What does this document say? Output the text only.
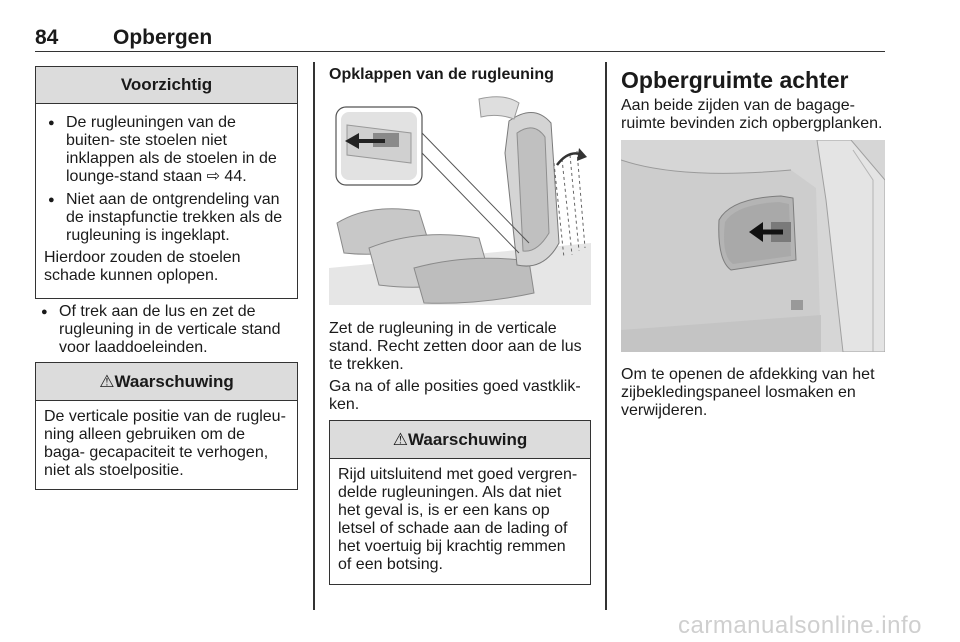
84	Opbergen
Voorzichtig
● De rugleuningen van de buiten- ste stoelen niet inklappen als de stoelen in de lounge-stand staan ⇨ 44.
● Niet aan de ontgrendeling van de instapfunctie trekken als de rugleuning is ingeklapt.

Hierdoor zouden de stoelen schade kunnen oplopen.

● Of trek aan de lus en zet de rugleuning in de verticale stand voor laaddoeleinden.
⚠Waarschuwing

De verticale positie van de rugleu- ning alleen gebruiken om de baga- gecapaciteit te verhogen, niet als stoelpositie.

Opklappen van de rugleuning

Zet de rugleuning in de verticale stand. Recht zetten door aan de lus te trekken.

Ga na of alle posities goed vastklik- ken.

⚠Waarschuwing

Rijd uitsluitend met goed vergren- delde rugleuningen. Als dat niet het geval is, is er een kans op letsel of schade aan de lading of het voertuig bij krachtig remmen of een botsing.

Opbergruimte achter

Aan beide zijden van de bagage- ruimte bevinden zich opbergplanken.

Om te openen de afdekking van het zijbekledingspaneel losmaken en verwijderen.

carmanualsonline.info
